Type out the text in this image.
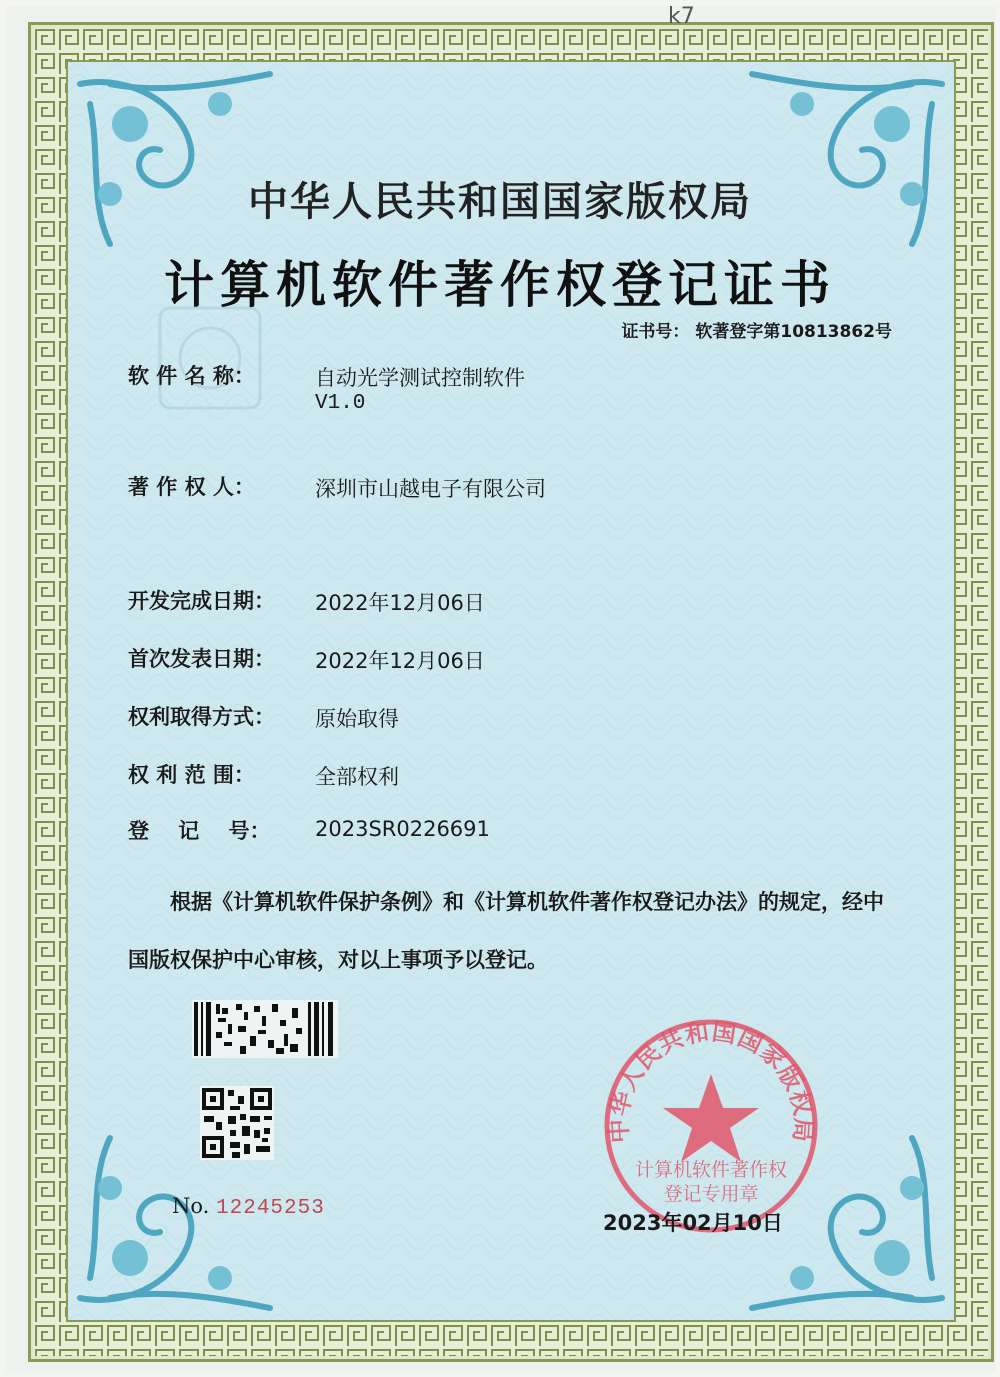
k7
中华人民共和国国家版权局
计算机软件著作权登记证书
证书号： 软著登字第10813862号
软 件 名 称：	自动光学测试控制软件
V1.0
著 作 权 人：	深圳市山越电子有限公司
开发完成日期： 2022年12月06日
首次发表日期： 2022年12月06日
权利取得方式： 原始取得
权 利 范 围：	全部权利
登    记    号： 2023SR0226691
根据《计算机软件保护条例》和《计算机软件著作权登记办法》的规定，经中国版权保护中心审核，对以上事项予以登记。
No. 12245253
中华人民共和国国家版权局
计算机软件著作权
登记专用章
2023年02月10日
